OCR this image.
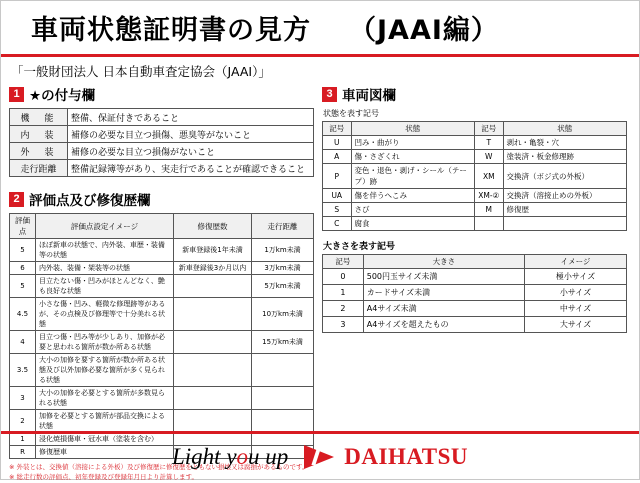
車両状態証明書の見方 （JAAI編）
「一般財団法人 日本自動車査定協会（JAAI）」
1 ★の付与欄
機　能	整備、保証付きであること
内　装	補修の必要な目立つ損傷、悪臭等がないこと
外　装	補修の必要な目立つ損傷がないこと
走行距離	整備記録簿等があり、実走行であることが確認できること
2 評価点及び修復歴欄
評価点	評価点設定イメージ	修復歴数	走行距離
5	ほぼ新車の状態で、内外装、車歴・装備等の状態	新車登録後1年未満	1万km未満
6	内外装、装備・架装等の状態	新車登録後3か月以内	3万km未満
5	目立たない傷・凹みがほとんどなく、艶も良好な状態		5万km未満
4.5	小さな傷・凹み、軽微な修理跡等があるが、その点検及び修理等で十分美れる状態		10万km未満
4	目立つ傷・凹み等が少しあり、加修が必要と思われる箇所が数か所ある状態		15万km未満
3.5	大小の加修を要する箇所が数か所ある状態及び以外加修必要な箇所が多く見られる状態		
3	大小の加修を必要とする箇所が多数見られる状態		
2	加修を必要とする箇所が部品交換による状態		
1	浸化焼損傷車・冠水車（塗装を含む）		
R	修復歴車		
※ 外装とは、交換値（溶接による外板）及び修復歴に修復歴をともない損壊又は腐損があるものです。
※ 総走行数の評価点、初年登録及び登録年月日より計算します。
3 車両図欄
状態を表す記号
記号	状態	記号	状態
U	凹み・曲がり	T	剥れ・亀裂・穴
A	傷・さざくれ	W	塗装済・板金修理跡
P	変色・退色・剥げ・シール（テープ）跡	XM	交換済（ボジ式の外板）
UA	傷を伴うへこみ	XM-②	交換済（溶接止めの外板）
S	さび	M	修復歴
C	腐食		
大きさを表す記号
記号	大きさ	イメージ
0	500円玉サイズ未満	極小サイズ
1	カードサイズ未満	小サイズ
2	A4サイズ未満	中サイズ
3	A4サイズを超えたもの	大サイズ
Light you up DAIHATSU
